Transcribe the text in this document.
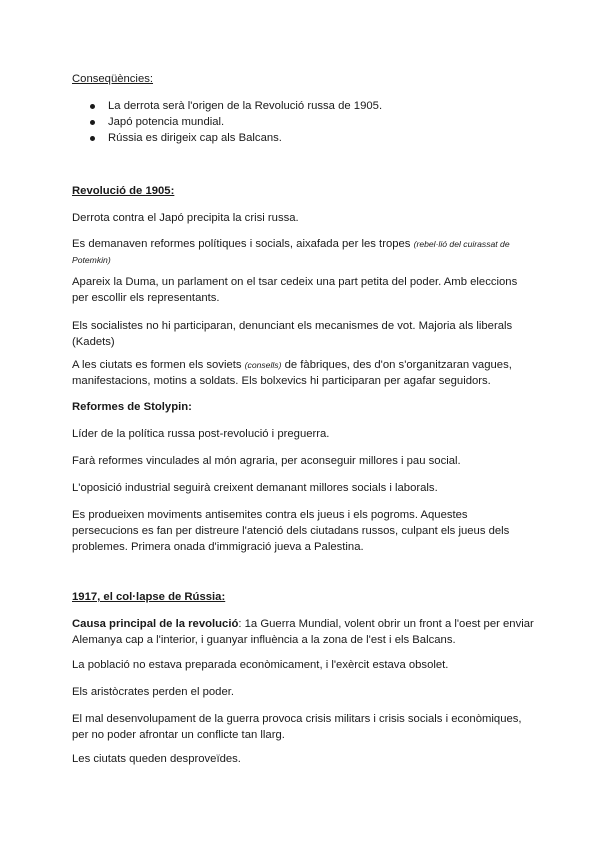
Conseqüències:

La derrota serà l'origen de la Revolució russa de 1905.
Japó potencia mundial.
Rússia es dirigeix cap als Balcans.

Revolució de 1905:

Derrota contra el Japó precipita la crisi russa.

Es demanaven reformes polítiques i socials, aixafada per les tropes (rebel·lió del cuirassat de Potemkin)

Apareix la Duma, un parlament on el tsar cedeix una part petita del poder. Amb eleccions per escollir els representants.

Els socialistes no hi participaran, denunciant els mecanismes de vot. Majoria als liberals (Kadets)

A les ciutats es formen els soviets (consells) de fàbriques, des d'on s'organitzaran vagues, manifestacions, motins a soldats. Els bolxevics hi participaran per agafar seguidors.

Reformes de Stolypin:

Líder de la política russa post-revolució i preguerra.

Farà reformes vinculades al món agraria, per aconseguir millores i pau social.

L'oposició industrial seguirà creixent demanant millores socials i laborals.

Es produeixen moviments antisemites contra els jueus i els pogroms. Aquestes persecucions es fan per distreure l'atenció dels ciutadans russos, culpant els jueus dels problemes. Primera onada d'immigració jueva a Palestina.

1917, el col·lapse de Rússia:

Causa principal de la revolució: 1a Guerra Mundial, volent obrir un front a l'oest per enviar Alemanya cap a l'interior, i guanyar influència a la zona de l'est i els Balcans.

La població no estava preparada econòmicament, i l'exèrcit estava obsolet.

Els aristòcrates perden el poder.

El mal desenvolupament de la guerra provoca crisis militars i crisis socials i econòmiques, per no poder afrontar un conflicte tan llarg.

Les ciutats queden desproveïdes.
